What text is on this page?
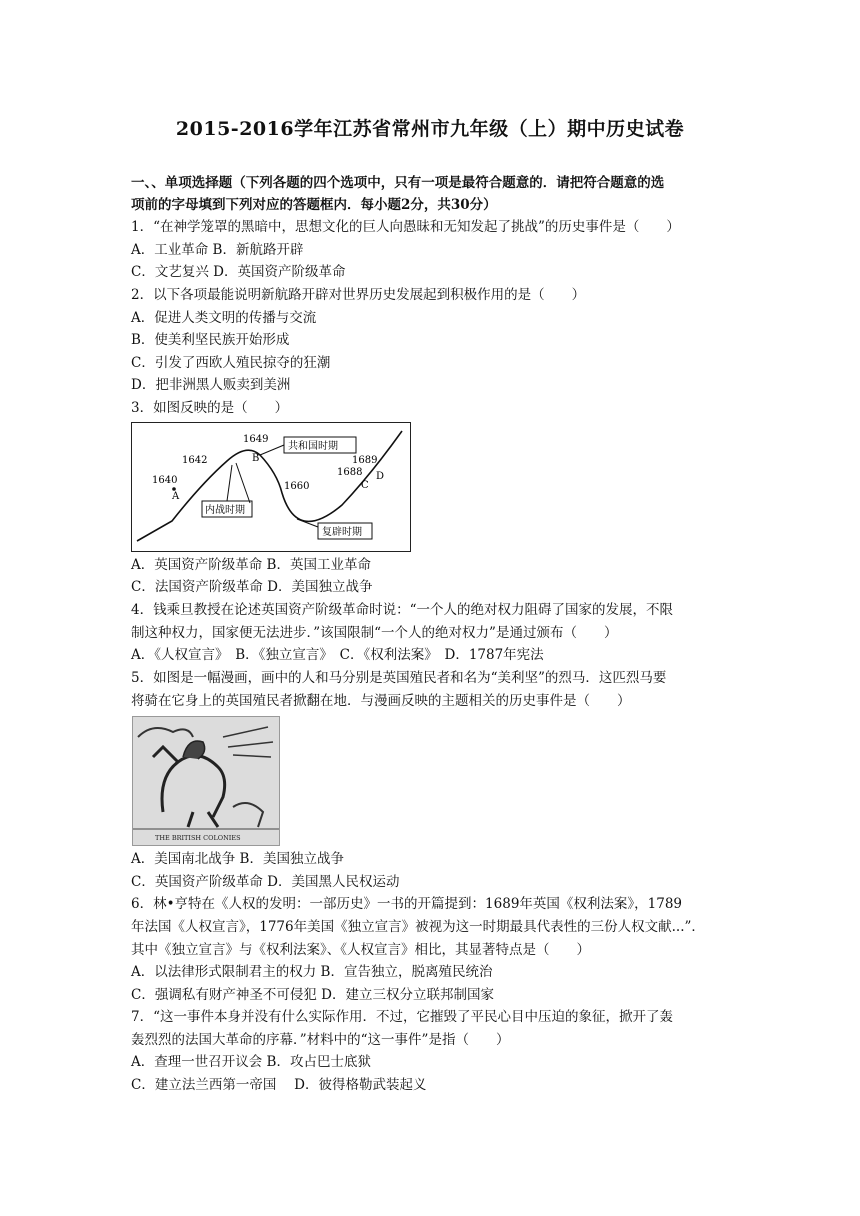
2015-2016学年江苏省常州市九年级（上）期中历史试卷
一、、单项选择题（下列各题的四个选项中，只有一项是最符合题意的．请把符合题意的选
项前的字母填到下列对应的答题框内．每小题2分，共30分）
1．“在神学笼罩的黑暗中，思想文化的巨人向愚昧和无知发起了挑战”的历史事件是（　　）
A．工业革命 B．新航路开辟
C．文艺复兴 D．英国资产阶级革命
2．以下各项最能说明新航路开辟对世界历史发展起到积极作用的是（　　）
A．促进人类文明的传播与交流
B．使美利坚民族开始形成
C．引发了西欧人殖民掠夺的狂潮
D．把非洲黑人贩卖到美洲
3．如图反映的是（　　）
1640
1642
1649
1660
1688
1689
A
B
C
D
共和国时期
内战时期
复辟时期
A．英国资产阶级革命 B．英国工业革命
C．法国资产阶级革命 D．美国独立战争
4．钱乘旦教授在论述英国资产阶级革命时说：“一个人的绝对权力阻碍了国家的发展，不限
制这种权力，国家便无法进步．”该国限制“一个人的绝对权力”是通过颁布（　　）
A．《人权宣言》　B．《独立宣言》　C．《权利法案》　D．1787年宪法
5．如图是一幅漫画，画中的人和马分别是英国殖民者和名为“美利坚”的烈马．这匹烈马要
将骑在它身上的英国殖民者掀翻在地．与漫画反映的主题相关的历史事件是（　　）
THE BRITISH COLONIES
A．美国南北战争 B．美国独立战争
C．英国资产阶级革命 D．美国黑人民权运动
6．林•亨特在《人权的发明：一部历史》一书的开篇提到：1689年英国《权利法案》，1789
年法国《人权宣言》，1776年美国《独立宣言》被视为这一时期最具代表性的三份人权文献...”．
其中《独立宣言》与《权利法案》、《人权宣言》相比，其显著特点是（　　）
A．以法律形式限制君主的权力 B．宣告独立，脱离殖民统治
C．强调私有财产神圣不可侵犯 D．建立三权分立联邦制国家
7．“这一事件本身并没有什么实际作用．不过，它摧毁了平民心目中压迫的象征，掀开了轰
轰烈烈的法国大革命的序幕．”材料中的“这一事件”是指（　　）
A．查理一世召开议会 B．攻占巴士底狱
C．建立法兰西第一帝国　 D．彼得格勒武装起义
